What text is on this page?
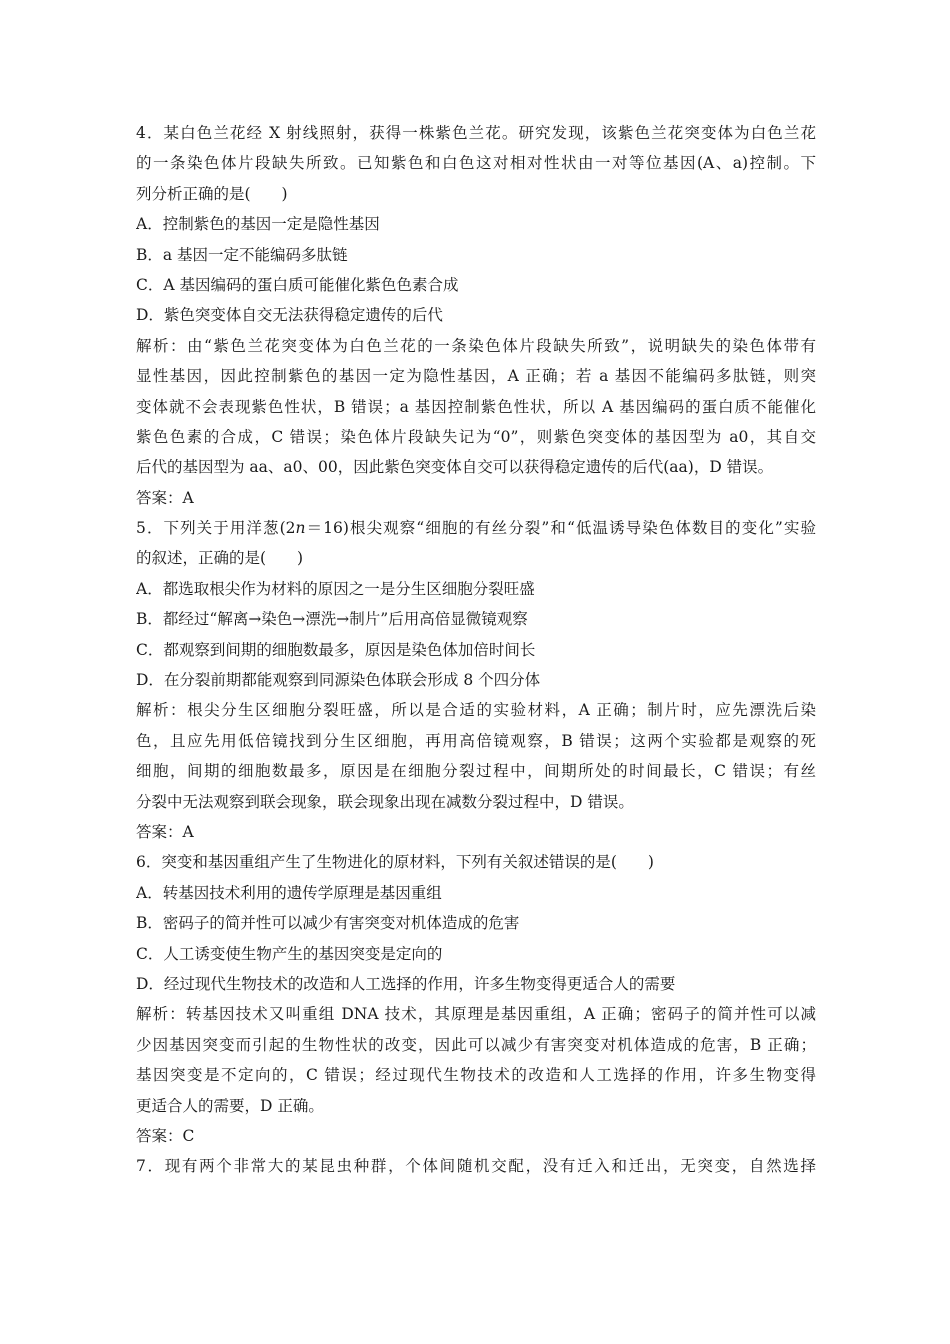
4．某白色兰花经 X 射线照射，获得一株紫色兰花。研究发现，该紫色兰花突变体为白色兰花
的一条染色体片段缺失所致。已知紫色和白色这对相对性状由一对等位基因(A、a)控制。下
列分析正确的是(　　)
A．控制紫色的基因一定是隐性基因
B．a 基因一定不能编码多肽链
C．A 基因编码的蛋白质可能催化紫色色素合成
D．紫色突变体自交无法获得稳定遗传的后代
解析：由“紫色兰花突变体为白色兰花的一条染色体片段缺失所致”，说明缺失的染色体带有
显性基因，因此控制紫色的基因一定为隐性基因，A 正确；若 a 基因不能编码多肽链，则突
变体就不会表现紫色性状，B 错误；a 基因控制紫色性状，所以 A 基因编码的蛋白质不能催化
紫色色素的合成，C 错误；染色体片段缺失记为“0”，则紫色突变体的基因型为 a0，其自交
后代的基因型为 aa、a0、00，因此紫色突变体自交可以获得稳定遗传的后代(aa)，D 错误。
答案：A
5．下列关于用洋葱(2n＝16)根尖观察“细胞的有丝分裂”和“低温诱导染色体数目的变化”实验
的叙述，正确的是(　　)
A．都选取根尖作为材料的原因之一是分生区细胞分裂旺盛
B．都经过“解离→染色→漂洗→制片”后用高倍显微镜观察
C．都观察到间期的细胞数最多，原因是染色体加倍时间长
D．在分裂前期都能观察到同源染色体联会形成 8 个四分体
解析：根尖分生区细胞分裂旺盛，所以是合适的实验材料，A 正确；制片时，应先漂洗后染
色，且应先用低倍镜找到分生区细胞，再用高倍镜观察，B 错误；这两个实验都是观察的死
细胞，间期的细胞数最多，原因是在细胞分裂过程中，间期所处的时间最长，C 错误；有丝
分裂中无法观察到联会现象，联会现象出现在减数分裂过程中，D 错误。
答案：A
6．突变和基因重组产生了生物进化的原材料，下列有关叙述错误的是(　　)
A．转基因技术利用的遗传学原理是基因重组
B．密码子的简并性可以减少有害突变对机体造成的危害
C．人工诱变使生物产生的基因突变是定向的
D．经过现代生物技术的改造和人工选择的作用，许多生物变得更适合人的需要
解析：转基因技术又叫重组 DNA 技术，其原理是基因重组，A 正确；密码子的简并性可以减
少因基因突变而引起的生物性状的改变，因此可以减少有害突变对机体造成的危害，B 正确；
基因突变是不定向的，C 错误；经过现代生物技术的改造和人工选择的作用，许多生物变得
更适合人的需要，D 正确。
答案：C
7．现有两个非常大的某昆虫种群，个体间随机交配，没有迁入和迁出，无突变，自然选择
